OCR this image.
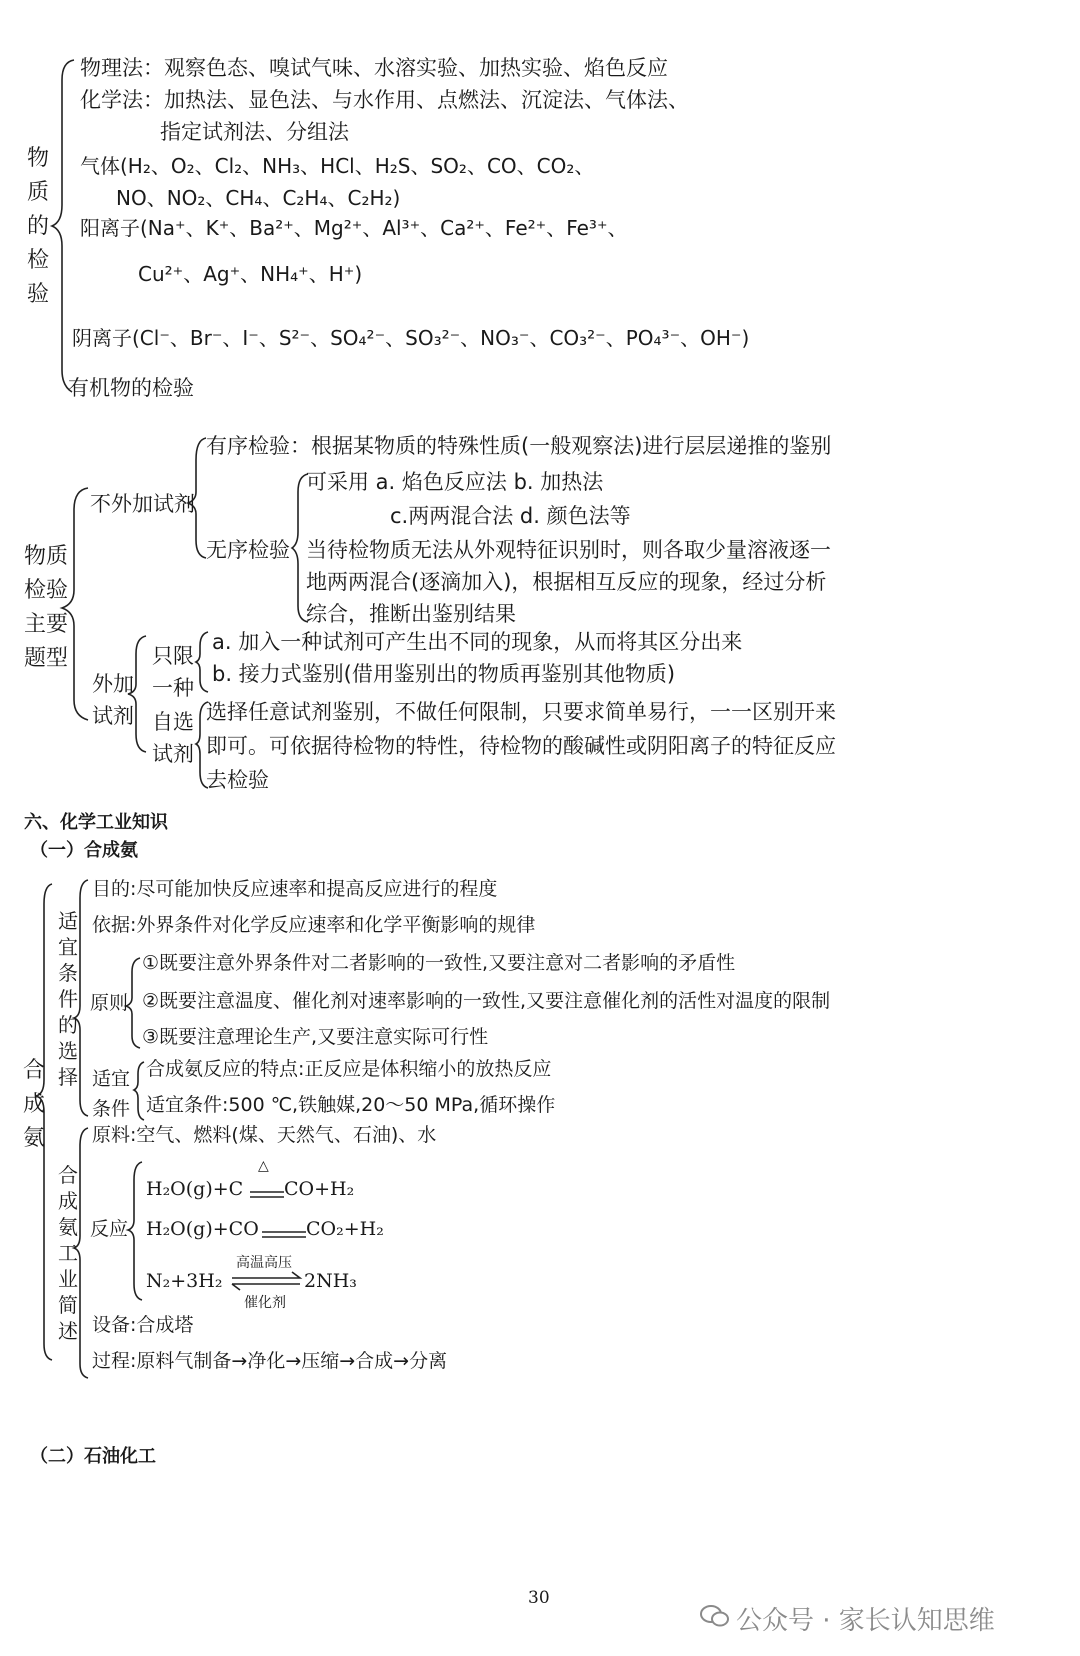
物 质 的 检 验
物理法：观察色态、嗅试气味、水溶实验、加热实验、焰色反应
化学法：加热法、显色法、与水作用、点燃法、沉淀法、气体法、
指定试剂法、分组法
气体(H₂、O₂、Cl₂、NH₃、HCl、H₂S、SO₂、CO、CO₂、
NO、NO₂、CH₄、C₂H₄、C₂H₂)
阳离子(Na⁺、K⁺、Ba²⁺、Mg²⁺、Al³⁺、Ca²⁺、Fe²⁺、Fe³⁺、
Cu²⁺、Ag⁺、NH₄⁺、H⁺)
阴离子(Cl⁻、Br⁻、I⁻、S²⁻、SO₄²⁻、SO₃²⁻、NO₃⁻、CO₃²⁻、PO₄³⁻、OH⁻)
有机物的检验
物质
检验
主要
题型
不外加试剂
有序检验：根据某物质的特殊性质(一般观察法)进行层层递推的鉴别
无序检验
可采用 a. 焰色反应法 b. 加热法
c.两两混合法 d. 颜色法等
当待检物质无法从外观特征识别时，则各取少量溶液逐一
地两两混合(逐滴加入)，根据相互反应的现象，经过分析
综合，推断出鉴别结果
外加
试剂
只限
一种
a. 加入一种试剂可产生出不同的现象，从而将其区分出来
b. 接力式鉴别(借用鉴别出的物质再鉴别其他物质)
自选
试剂
选择任意试剂鉴别，不做任何限制，只要求简单易行，一一区别开来
即可。可依据待检物的特性，待检物的酸碱性或阴阳离子的特征反应
去检验
六、化学工业知识
（一）合成氨
合 成 氨
适 宜 条 件 的 选 择
目的:尽可能加快反应速率和提高反应进行的程度
依据:外界条件对化学反应速率和化学平衡影响的规律
原则
①既要注意外界条件对二者影响的一致性,又要注意对二者影响的矛盾性
②既要注意温度、催化剂对速率影响的一致性,又要注意催化剂的活性对温度的限制
③既要注意理论生产,又要注意实际可行性
适宜
条件
合成氨反应的特点:正反应是体积缩小的放热反应
适宜条件:500 ℃,铁触媒,20～50 MPa,循环操作
合 成 氨 工 业 简 述
原料:空气、燃料(煤、天然气、石油)、水
反应
H₂O(g)+C
△
CO+H₂
H₂O(g)+CO CO₂+H₂
N₂+3H₂
高温高压
催化剂
2NH₃
设备:合成塔
过程:原料气制备→净化→压缩→合成→分离
（二）石油化工
30
公众号 · 家长认知思维
